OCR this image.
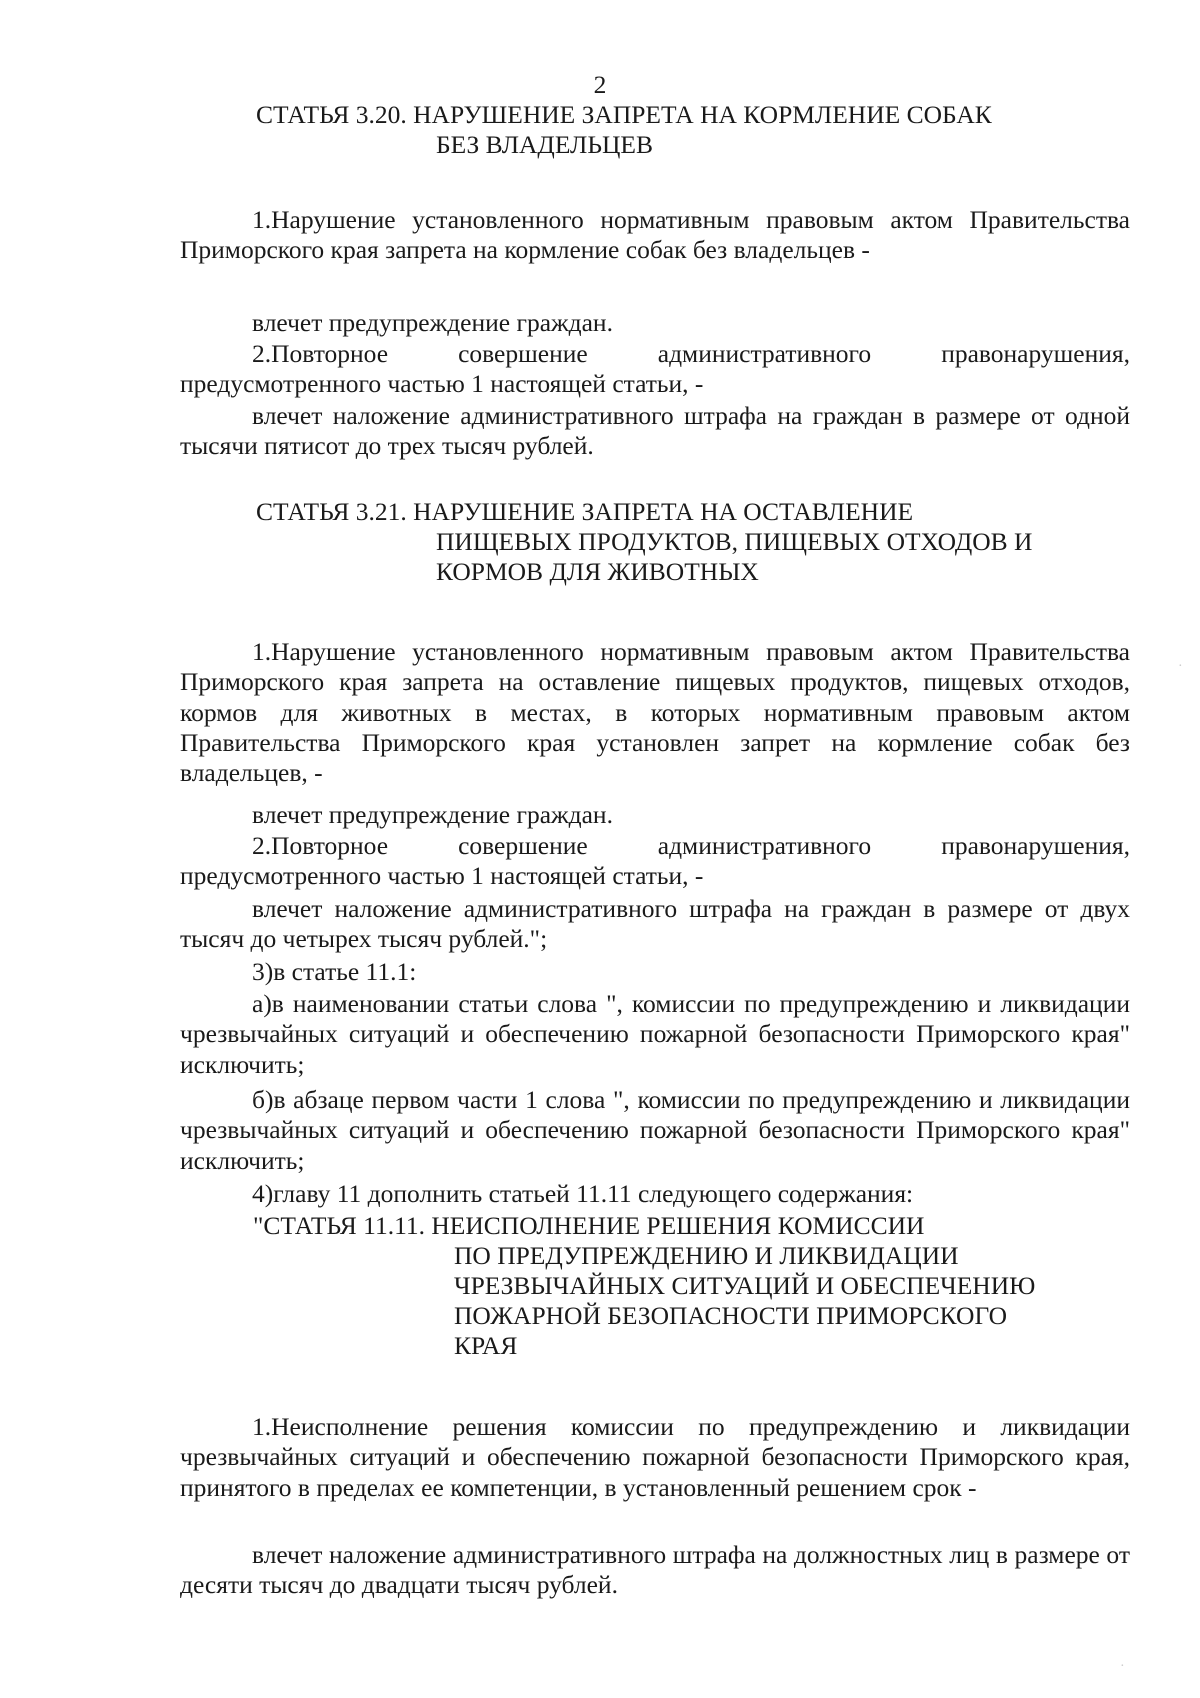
2
СТАТЬЯ 3.20. НАРУШЕНИЕ ЗАПРЕТА НА КОРМЛЕНИЕ СОБАК
БЕЗ ВЛАДЕЛЬЦЕВ

1.Нарушение установленного нормативным правовым актом Правительства Приморского края запрета на кормление собак без владельцев -

влечет предупреждение граждан.

2.Повторное совершение административного правонарушения, предусмотренного частью 1 настоящей статьи, -

влечет наложение административного штрафа на граждан в размере от одной тысячи пятисот до трех тысяч рублей.

СТАТЬЯ 3.21. НАРУШЕНИЕ ЗАПРЕТА НА ОСТАВЛЕНИЕ
ПИЩЕВЫХ ПРОДУКТОВ, ПИЩЕВЫХ ОТХОДОВ И
КОРМОВ ДЛЯ ЖИВОТНЫХ

1.Нарушение установленного нормативным правовым актом Правительства Приморского края запрета на оставление пищевых продуктов, пищевых отходов, кормов для животных в местах, в которых нормативным правовым актом Правительства Приморского края установлен запрет на кормление собак без владельцев, -

влечет предупреждение граждан.

2.Повторное совершение административного правонарушения, предусмотренного частью 1 настоящей статьи, -

влечет наложение административного штрафа на граждан в размере от двух тысяч до четырех тысяч рублей.";

3)в статье 11.1:

а)в наименовании статьи слова ", комиссии по предупреждению и ликвидации чрезвычайных ситуаций и обеспечению пожарной безопасности Приморского края" исключить;

б)в абзаце первом части 1 слова ", комиссии по предупреждению и ликвидации чрезвычайных ситуаций и обеспечению пожарной безопасности Приморского края" исключить;

4)главу 11 дополнить статьей 11.11 следующего содержания:

"СТАТЬЯ 11.11. НЕИСПОЛНЕНИЕ РЕШЕНИЯ КОМИССИИ
ПО ПРЕДУПРЕЖДЕНИЮ И ЛИКВИДАЦИИ
ЧРЕЗВЫЧАЙНЫХ СИТУАЦИЙ И ОБЕСПЕЧЕНИЮ
ПОЖАРНОЙ БЕЗОПАСНОСТИ ПРИМОРСКОГО
КРАЯ

1.Неисполнение решения комиссии по предупреждению и ликвидации чрезвычайных ситуаций и обеспечению пожарной безопасности Приморского края, принятого в пределах ее компетенции, в установленный решением срок -

влечет наложение административного штрафа на должностных лиц в размере от десяти тысяч до двадцати тысяч рублей.

·
·
